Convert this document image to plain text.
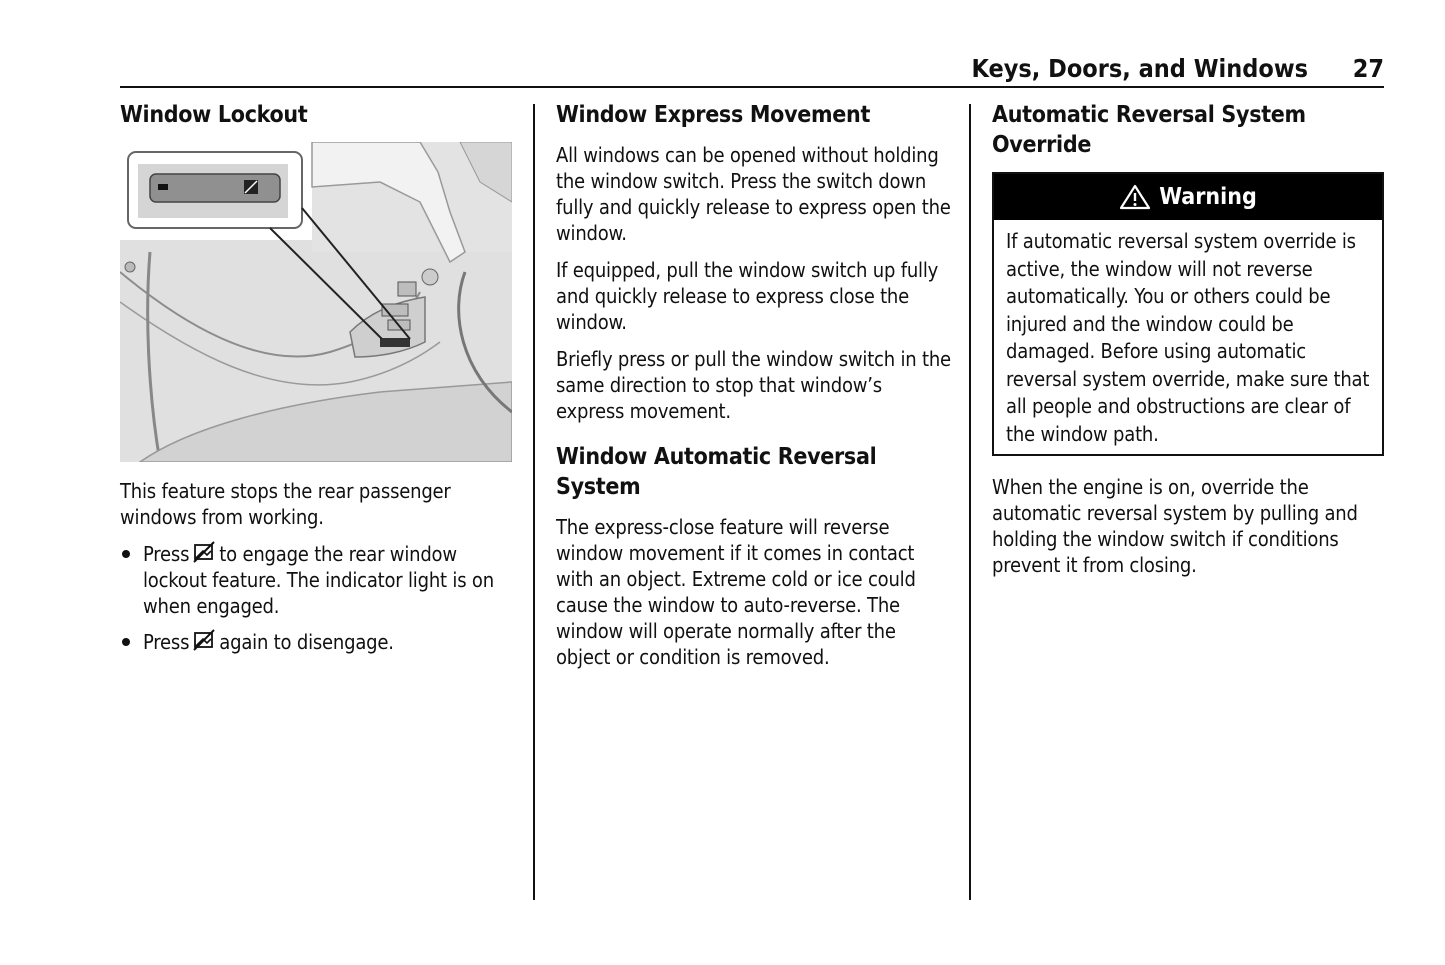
Keys, Doors, and Windows 27
Window Lockout

This feature stops the rear passenger windows from working.

Press to engage the rear window lockout feature. The indicator light is on when engaged.
Press again to disengage.
Window Express Movement

All windows can be opened without holding the window switch. Press the switch down fully and quickly release to express open the window.

If equipped, pull the window switch up fully and quickly release to express close the window.

Briefly press or pull the window switch in the same direction to stop that window’s express movement.

Window Automatic Reversal System

The express-close feature will reverse window movement if it comes in contact with an object. Extreme cold or ice could cause the window to auto-reverse. The window will operate normally after the object or condition is removed.

Automatic Reversal System Override
Warning

If automatic reversal system override is active, the window will not reverse automatically. You or others could be injured and the window could be damaged. Before using automatic reversal system override, make sure that all people and obstructions are clear of the window path.

When the engine is on, override the automatic reversal system by pulling and holding the window switch if conditions prevent it from closing.
